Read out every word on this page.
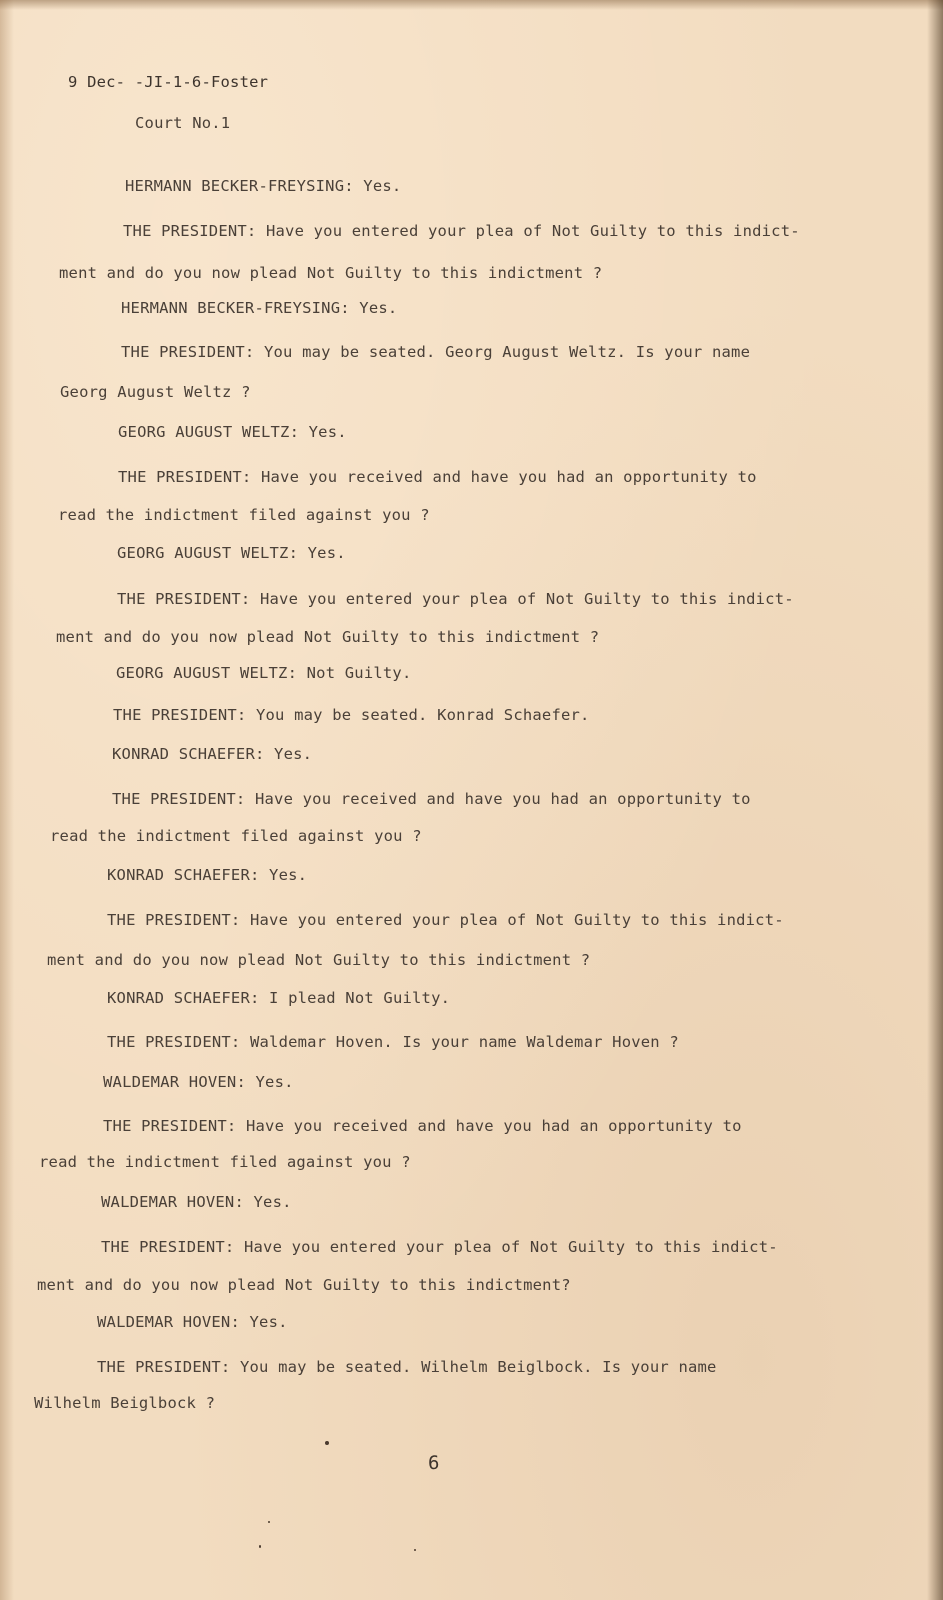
9 Dec- -JI-1-6-Foster
Court No.1
HERMANN BECKER-FREYSING: Yes.
THE PRESIDENT: Have you entered your plea of Not Guilty to this indict-
ment and do you now plead Not Guilty to this indictment ?
HERMANN BECKER-FREYSING: Yes.
THE PRESIDENT: You may be seated. Georg August Weltz. Is your name
Georg August Weltz ?
GEORG AUGUST WELTZ: Yes.
THE PRESIDENT: Have you received and have you had an opportunity to
read the indictment filed against you ?
GEORG AUGUST WELTZ: Yes.
THE PRESIDENT: Have you entered your plea of Not Guilty to this indict-
ment and do you now plead Not Guilty to this indictment ?
GEORG AUGUST WELTZ: Not Guilty.
THE PRESIDENT: You may be seated. Konrad Schaefer.
KONRAD SCHAEFER: Yes.
THE PRESIDENT: Have you received and have you had an opportunity to
read the indictment filed against you ?
KONRAD SCHAEFER: Yes.
THE PRESIDENT: Have you entered your plea of Not Guilty to this indict-
ment and do you now plead Not Guilty to this indictment ?
KONRAD SCHAEFER: I plead Not Guilty.
THE PRESIDENT: Waldemar Hoven. Is your name Waldemar Hoven ?
WALDEMAR HOVEN: Yes.
THE PRESIDENT: Have you received and have you had an opportunity to
read the indictment filed against you ?
WALDEMAR HOVEN: Yes.
THE PRESIDENT: Have you entered your plea of Not Guilty to this indict-
ment and do you now plead Not Guilty to this indictment?
WALDEMAR HOVEN: Yes.
THE PRESIDENT: You may be seated. Wilhelm Beiglbock. Is your name
Wilhelm Beiglbock ?
6
